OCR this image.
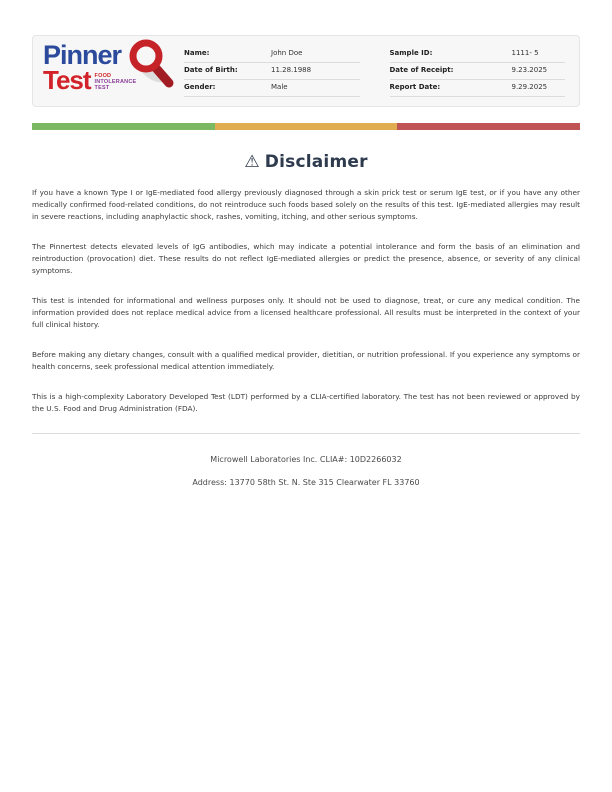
Pinner
Test FOOD
INTOLERANCE
TEST
Name:	John Doe
Date of Birth:	11.28.1988
Gender:	Male
Sample ID:	1111- 5
Date of Receipt:	9.23.2025
Report Date:	9.29.2025
⚠ Disclaimer

If you have a known Type I or IgE-mediated food allergy previously diagnosed through a skin prick test or serum IgE test, or if you have any other medically confirmed food-related conditions, do not reintroduce such foods based solely on the results of this test. IgE-mediated allergies may result in severe reactions, including anaphylactic shock, rashes, vomiting, itching, and other serious symptoms.

The Pinnertest detects elevated levels of IgG antibodies, which may indicate a potential intolerance and form the basis of an elimination and reintroduction (provocation) diet. These results do not reflect IgE-mediated allergies or predict the presence, absence, or severity of any clinical symptoms.

This test is intended for informational and wellness purposes only. It should not be used to diagnose, treat, or cure any medical condition. The information provided does not replace medical advice from a licensed healthcare professional. All results must be interpreted in the context of your full clinical history.

Before making any dietary changes, consult with a qualified medical provider, dietitian, or nutrition professional. If you experience any symptoms or health concerns, seek professional medical attention immediately.

This is a high-complexity Laboratory Developed Test (LDT) performed by a CLIA-certified laboratory. The test has not been reviewed or approved by the U.S. Food and Drug Administration (FDA).

Microwell Laboratories Inc. CLIA#: 10D2266032

Address: 13770 58th St. N. Ste 315 Clearwater FL 33760
